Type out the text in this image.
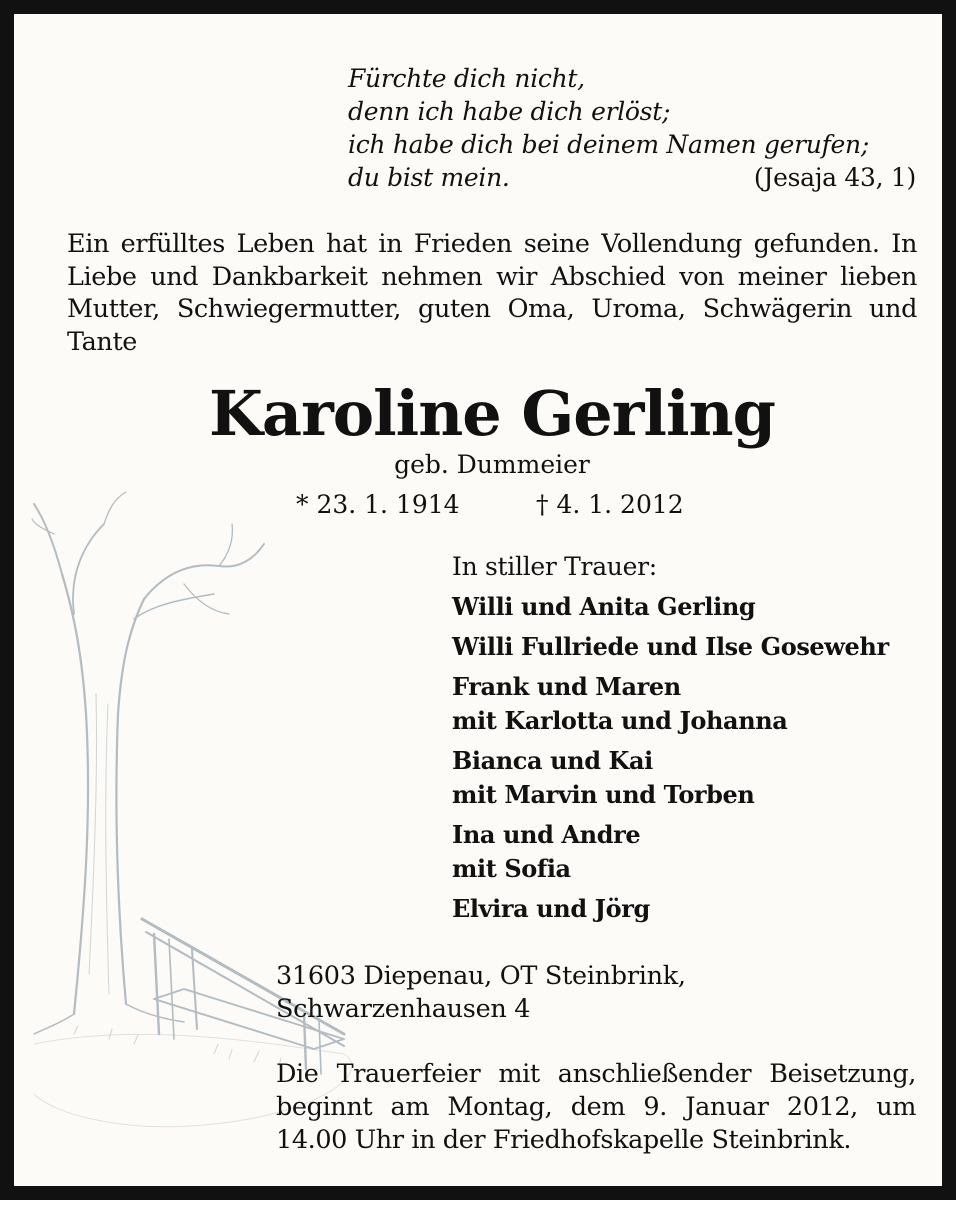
Fürchte dich nicht,
denn ich habe dich erlöst;
ich habe dich bei deinem Namen gerufen;
du bist mein.	(Jesaja 43, 1)
Ein erfülltes Leben hat in Frieden seine Vollendung gefunden. In Liebe und Dankbarkeit nehmen wir Abschied von meiner lieben Mutter, Schwiegermutter, guten Oma, Uroma, Schwägerin und Tante
Karoline Gerling
geb. Dummeier
* 23. 1. 1914	† 4. 1. 2012
In stiller Trauer:
Willi und Anita Gerling
Willi Fullriede und Ilse Gosewehr
Frank und Maren
mit Karlotta und Johanna
Bianca und Kai
mit Marvin und Torben
Ina und Andre
mit Sofia
Elvira und Jörg
31603 Diepenau, OT Steinbrink,
Schwarzenhausen 4
Die Trauerfeier mit anschließender Beisetzung, beginnt am Montag, dem 9. Januar 2012, um 14.00 Uhr in der Friedhofskapelle Steinbrink.
